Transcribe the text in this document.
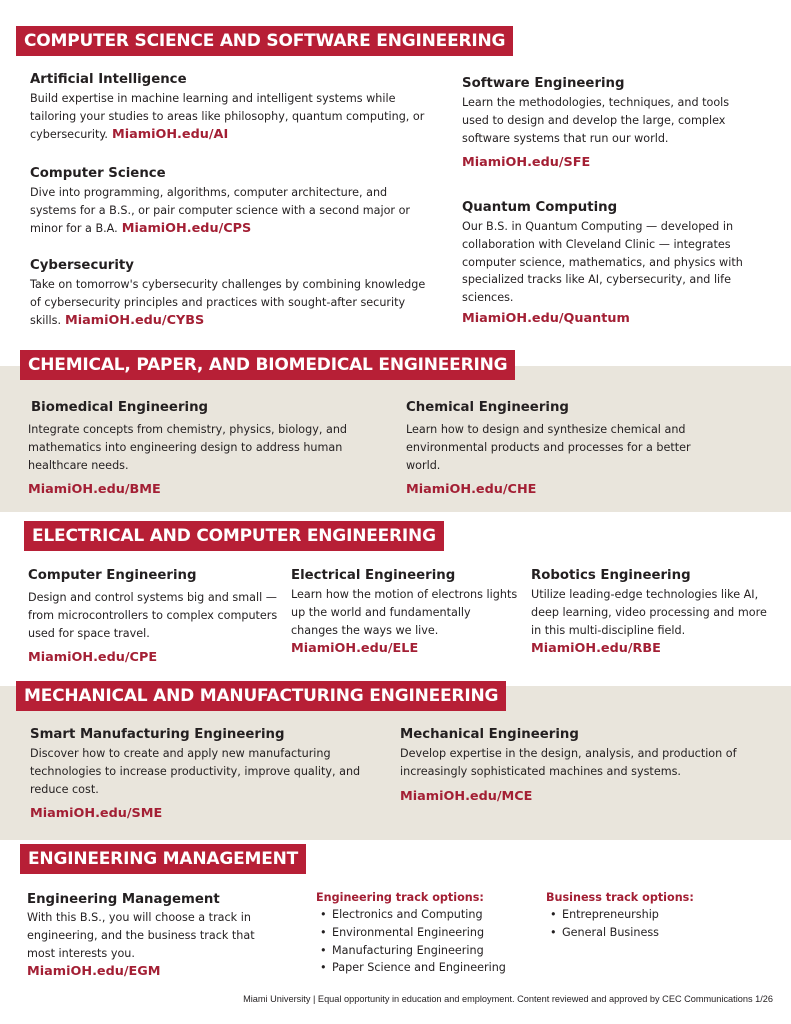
COMPUTER SCIENCE AND SOFTWARE ENGINEERING
Artificial Intelligence

Build expertise in machine learning and intelligent systems while tailoring your studies to areas like philosophy, quantum computing, or cybersecurity. MiamiOH.edu/AI

Computer Science

Dive into programming, algorithms, computer architecture, and systems for a B.S., or pair computer science with a second major or minor for a B.A. MiamiOH.edu/CPS

Cybersecurity

Take on tomorrow's cybersecurity challenges by combining knowledge of cybersecurity principles and practices with sought-after security skills. MiamiOH.edu/CYBS

Software Engineering

Learn the methodologies, techniques, and tools used to design and develop the large, complex software systems that run our world.

MiamiOH.edu/SFE
Quantum Computing

Our B.S. in Quantum Computing — developed in collaboration with Cleveland Clinic — integrates computer science, mathematics, and physics with specialized tracks like AI, cybersecurity, and life sciences.

MiamiOH.edu/Quantum
CHEMICAL, PAPER, AND BIOMEDICAL ENGINEERING
Biomedical Engineering

Integrate concepts from chemistry, physics, biology, and mathematics into engineering design to address human healthcare needs.

MiamiOH.edu/BME
Chemical Engineering

Learn how to design and synthesize chemical and environmental products and processes for a better world.

MiamiOH.edu/CHE
ELECTRICAL AND COMPUTER ENGINEERING
Computer Engineering

Design and control systems big and small — from microcontrollers to complex computers used for space travel.

MiamiOH.edu/CPE
Electrical Engineering

Learn how the motion of electrons lights up the world and fundamentally changes the ways we live.

MiamiOH.edu/ELE
Robotics Engineering

Utilize leading-edge technologies like AI, deep learning, video processing and more in this multi-discipline field.

MiamiOH.edu/RBE
MECHANICAL AND MANUFACTURING ENGINEERING
Smart Manufacturing Engineering

Discover how to create and apply new manufacturing technologies to increase productivity, improve quality, and reduce cost.

MiamiOH.edu/SME
Mechanical Engineering

Develop expertise in the design, analysis, and production of increasingly sophisticated machines and systems.

MiamiOH.edu/MCE
ENGINEERING MANAGEMENT
Engineering Management

With this B.S., you will choose a track in engineering, and the business track that most interests you.

MiamiOH.edu/EGM
Engineering track options:
• Electronics and Computing
• Environmental Engineering
• Manufacturing Engineering
• Paper Science and Engineering
Business track options:
• Entrepreneurship
• General Business
Miami University | Equal opportunity in education and employment. Content reviewed and approved by CEC Communications 1/26
